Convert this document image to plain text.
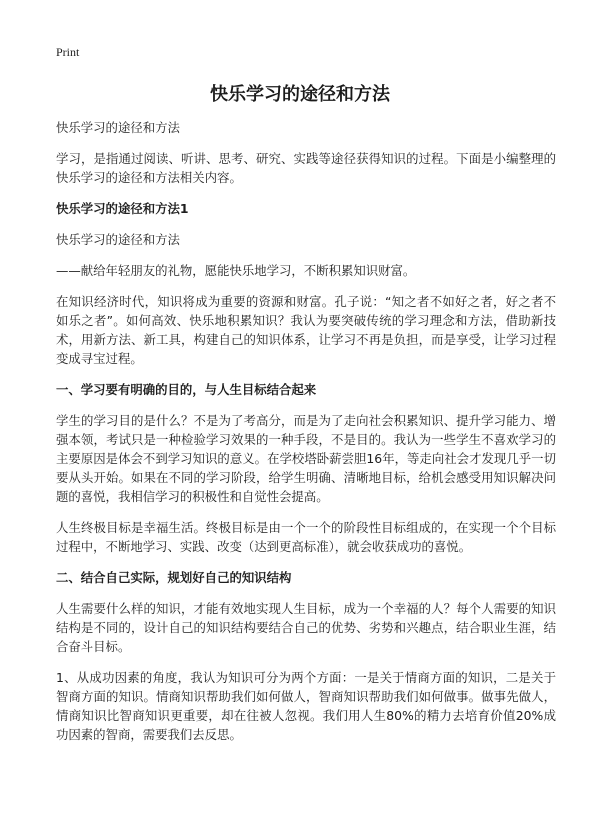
Print
快乐学习的途径和方法

快乐学习的途径和方法

学习，是指通过阅读、听讲、思考、研究、实践等途径获得知识的过程。下面是小编整理的快乐学习的途径和方法相关内容。

快乐学习的途径和方法1

快乐学习的途径和方法

——献给年轻朋友的礼物，愿能快乐地学习，不断积累知识财富。

在知识经济时代，知识将成为重要的资源和财富。孔子说：“知之者不如好之者，好之者不如乐之者”。如何高效、快乐地积累知识？我认为要突破传统的学习理念和方法，借助新技术，用新方法、新工具，构建自己的知识体系，让学习不再是负担，而是享受，让学习过程变成寻宝过程。

一、学习要有明确的目的，与人生目标结合起来

学生的学习目的是什么？不是为了考高分，而是为了走向社会积累知识、提升学习能力、增强本领，考试只是一种检验学习效果的一种手段，不是目的。我认为一些学生不喜欢学习的主要原因是体会不到学习知识的意义。在学校塔卧薪尝胆16年，等走向社会才发现几乎一切要从头开始。如果在不同的学习阶段，给学生明确、清晰地目标，给机会感受用知识解决问题的喜悦，我相信学习的积极性和自觉性会提高。

人生终极目标是幸福生活。终极目标是由一个一个的阶段性目标组成的，在实现一个个目标过程中，不断地学习、实践、改变（达到更高标准），就会收获成功的喜悦。

二、结合自己实际，规划好自己的知识结构

人生需要什么样的知识，才能有效地实现人生目标，成为一个幸福的人？每个人需要的知识结构是不同的，设计自己的知识结构要结合自己的优势、劣势和兴趣点，结合职业生涯，结合奋斗目标。

1、从成功因素的角度，我认为知识可分为两个方面：一是关于情商方面的知识，二是关于智商方面的知识。情商知识帮助我们如何做人，智商知识帮助我们如何做事。做事先做人，情商知识比智商知识更重要，却在往被人忽视。我们用人生80%的精力去培育价值20%成功因素的智商，需要我们去反思。
